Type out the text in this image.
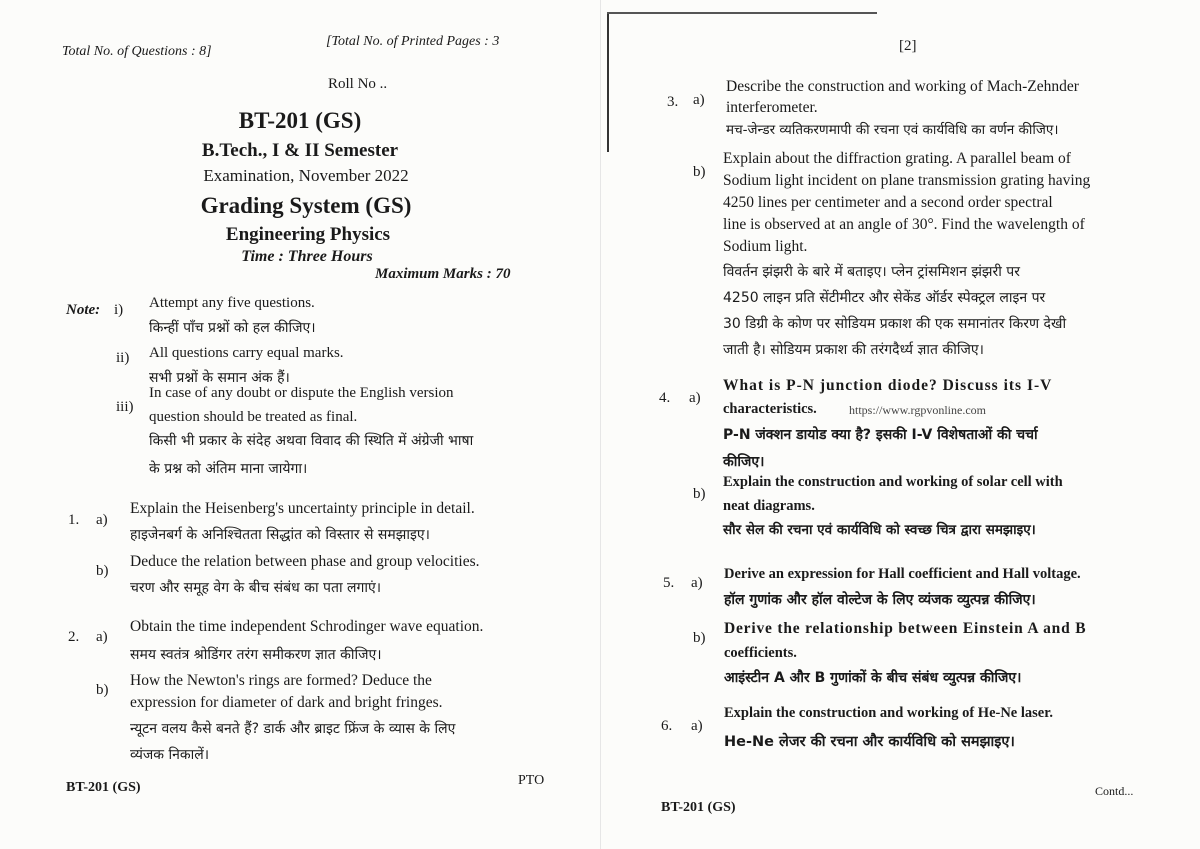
Total No. of Questions : 8]
[Total No. of Printed Pages : 3
Roll No ..
BT-201 (GS)
B.Tech., I & II Semester
Examination, November 2022
Grading System (GS)
Engineering Physics
Time : Three Hours
Maximum Marks : 70
Note: i) Attempt any five questions.
किन्हीं पाँच प्रश्नों को हल कीजिए।
ii) All questions carry equal marks.
सभी प्रश्नों के समान अंक हैं।
iii)
In case of any doubt or dispute the English version
question should be treated as final.
किसी भी प्रकार के संदेह अथवा विवाद की स्थिति में अंग्रेजी भाषा
के प्रश्न को अंतिम माना जायेगा।
1. a)
Explain the Heisenberg's uncertainty principle in detail.
हाइजेनबर्ग के अनिश्चितता सिद्धांत को विस्तार से समझाइए।
b)
Deduce the relation between phase and group velocities.
चरण और समूह वेग के बीच संबंध का पता लगाएं।
2. a)
Obtain the time independent Schrodinger wave equation.
समय स्वतंत्र श्रोडिंगर तरंग समीकरण ज्ञात कीजिए।
b)
How the Newton's rings are formed? Deduce the
expression for diameter of dark and bright fringes.
न्यूटन वलय कैसे बनते हैं? डार्क और ब्राइट फ्रिंज के व्यास के लिए
व्यंजक निकालें।
BT-201 (GS)	PTO
[2]
3. a)
Describe the construction and working of Mach-Zehnder
interferometer.
मच-जेन्डर व्यतिकरणमापी की रचना एवं कार्यविधि का वर्णन कीजिए।
b)
Explain about the diffraction grating. A parallel beam of
Sodium light incident on plane transmission grating having
4250 lines per centimeter and a second order spectral
line is observed at an angle of 30°. Find the wavelength of
Sodium light.
विवर्तन झंझरी के बारे में बताइए। प्लेन ट्रांसमिशन झंझरी पर
4250 लाइन प्रति सेंटीमीटर और सेकेंड ऑर्डर स्पेक्ट्रल लाइन पर
30 डिग्री के कोण पर सोडियम प्रकाश की एक समानांतर किरण देखी
जाती है। सोडियम प्रकाश की तरंगदैर्ध्य ज्ञात कीजिए।
4. a)
What is P-N junction diode? Discuss its I-V
characteristics.	https://www.rgpvonline.com
P-N जंक्शन डायोड क्या है? इसकी I-V विशेषताओं की चर्चा
कीजिए।
b)
Explain the construction and working of solar cell with
neat diagrams.
सौर सेल की रचना एवं कार्यविधि को स्वच्छ चित्र द्वारा समझाइए।
5. a)
Derive an expression for Hall coefficient and Hall voltage.
हॉल गुणांक और हॉल वोल्टेज के लिए व्यंजक व्युत्पन्न कीजिए।
b)
Derive the relationship between Einstein A and B
coefficients.
आइंस्टीन A और B गुणांकों के बीच संबंध व्युत्पन्न कीजिए।
6. a)
Explain the construction and working of He-Ne laser.
He-Ne लेजर की रचना और कार्यविधि को समझाइए।
BT-201 (GS)
Contd...
